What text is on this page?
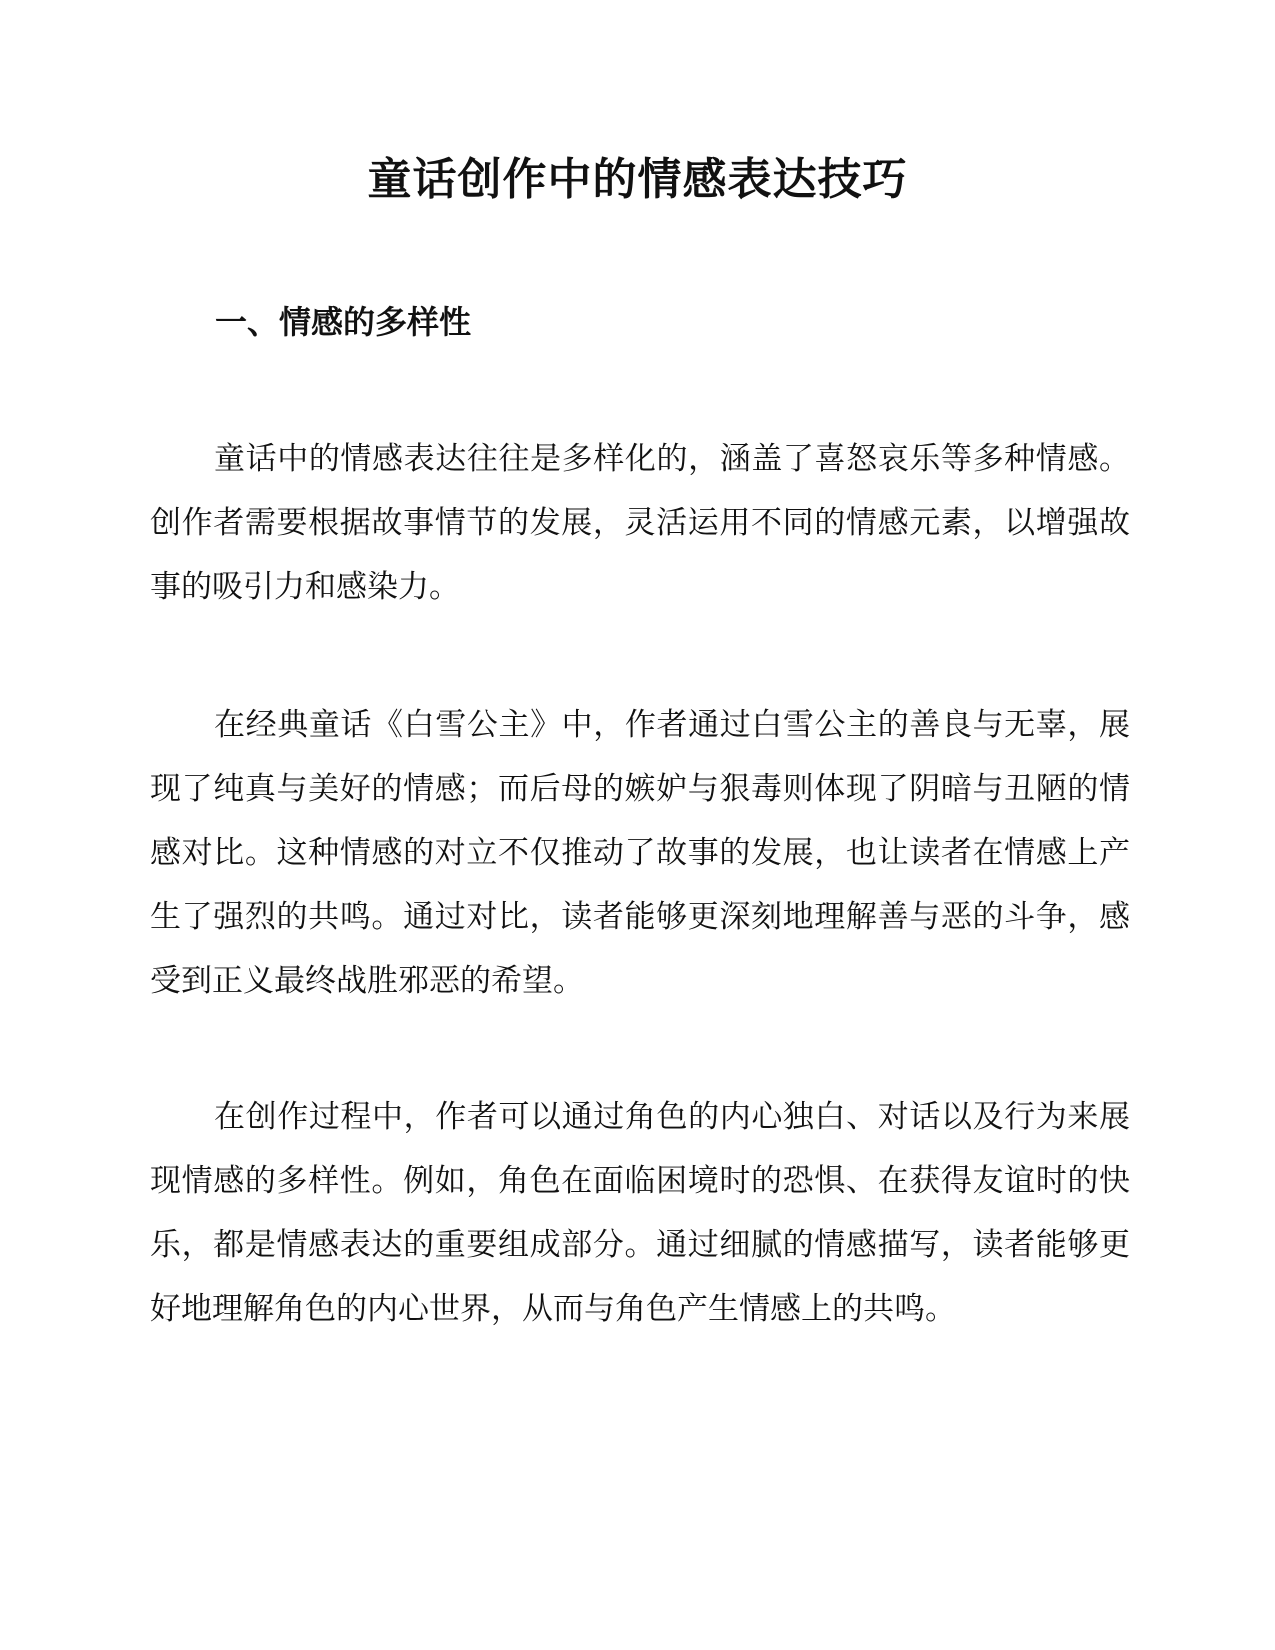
童话创作中的情感表达技巧
一、情感的多样性

童话中的情感表达往往是多样化的，涵盖了喜怒哀乐等多种情感。创作者需要根据故事情节的发展，灵活运用不同的情感元素，以增强故事的吸引力和感染力。

在经典童话《白雪公主》中，作者通过白雪公主的善良与无辜，展现了纯真与美好的情感；而后母的嫉妒与狠毒则体现了阴暗与丑陋的情感对比。这种情感的对立不仅推动了故事的发展，也让读者在情感上产生了强烈的共鸣。通过对比，读者能够更深刻地理解善与恶的斗争，感受到正义最终战胜邪恶的希望。

在创作过程中，作者可以通过角色的内心独白、对话以及行为来展现情感的多样性。例如，角色在面临困境时的恐惧、在获得友谊时的快乐，都是情感表达的重要组成部分。通过细腻的情感描写，读者能够更好地理解角色的内心世界，从而与角色产生情感上的共鸣。
